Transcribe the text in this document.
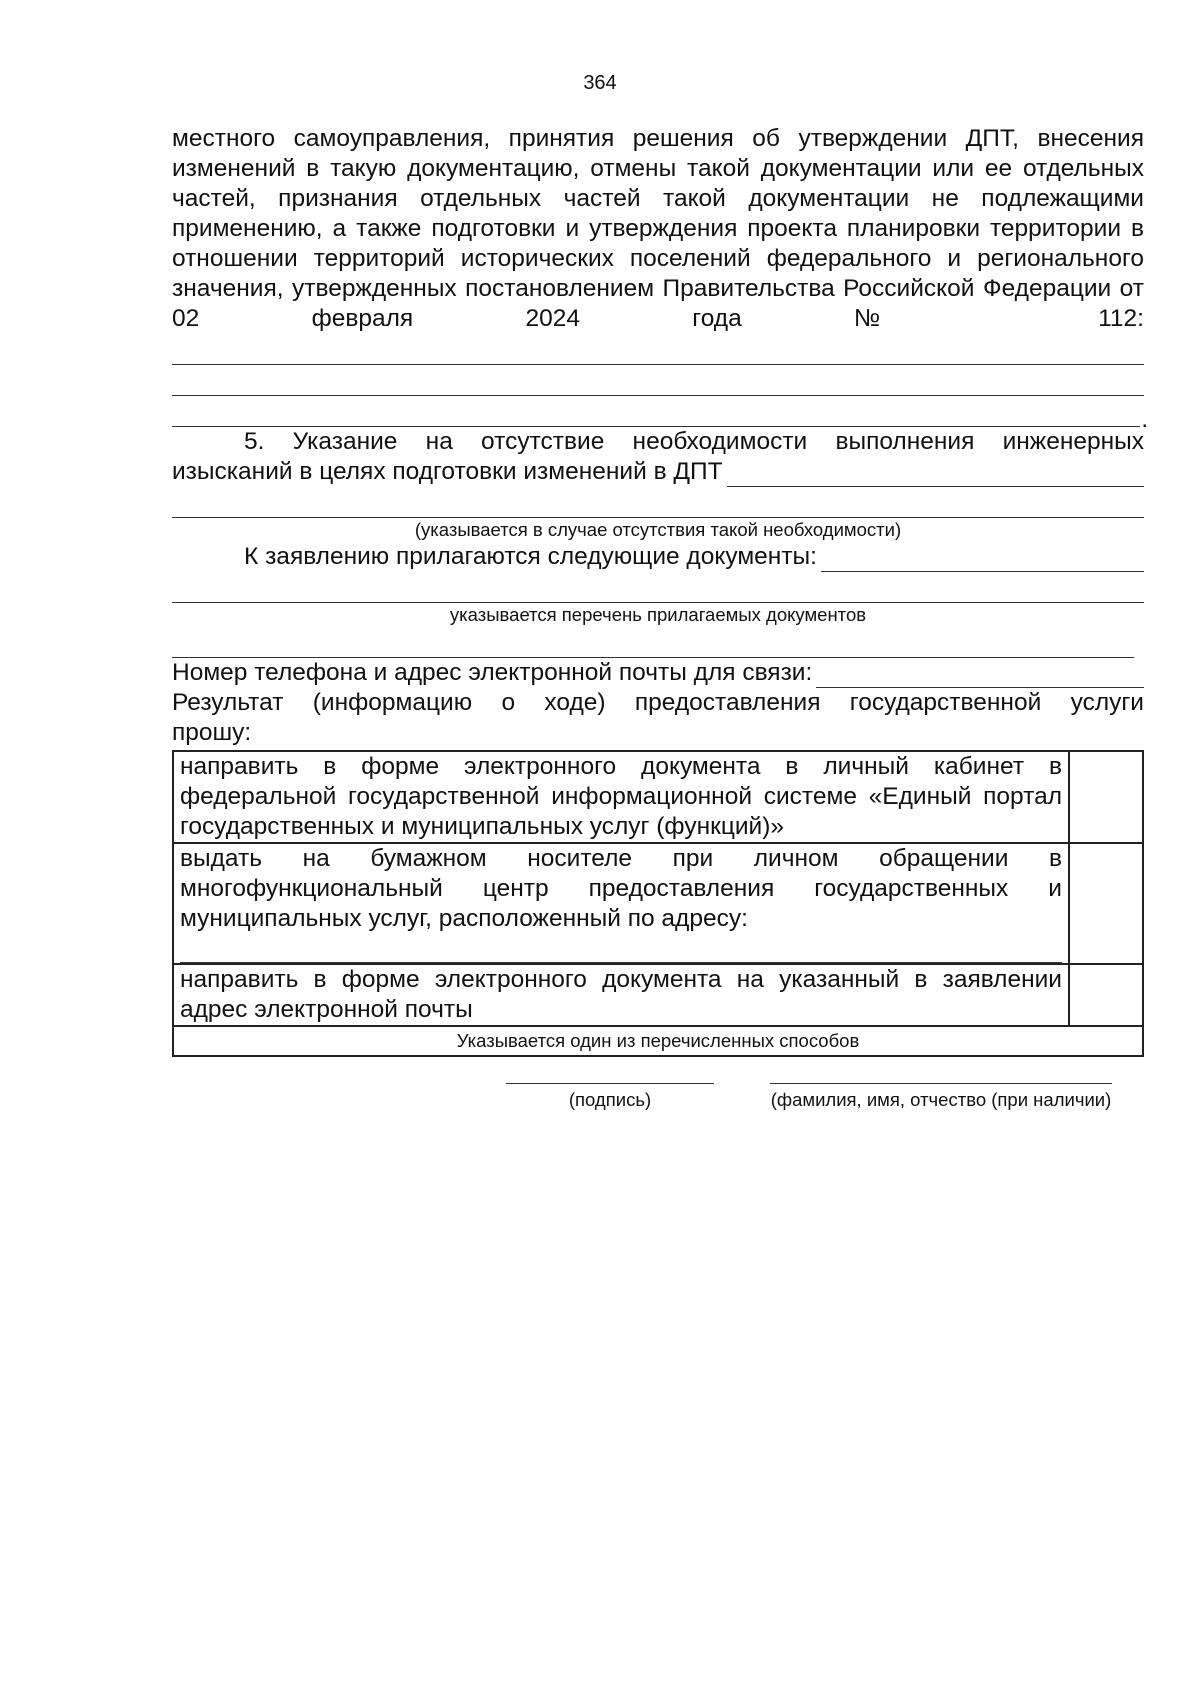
364
местного самоуправления, принятия решения об утверждении ДПТ, внесения изменений в такую документацию, отмены такой документации или ее отдельных частей, признания отдельных частей такой документации не подлежащими применению, а также подготовки и утверждения проекта планировки территории в отношении территорий исторических поселений федерального и регионального значения, утвержденных постановлением Правительства Российской Федерации от 02 февраля 2024 года № 112:
.
5. Указание на отсутствие необходимости выполнения инженерных
изысканий в целях подготовки изменений в ДПТ
(указывается в случае отсутствия такой необходимости)
К заявлению прилагаются следующие документы:
указывается перечень прилагаемых документов
Номер телефона и адрес электронной почты для связи:
Результат (информацию о ходе) предоставления государственной услуги
прошу:
направить в форме электронного документа в личный кабинет в федеральной государственной информационной системе «Единый портал государственных и муниципальных услуг (функций)»	

выдать на бумажном носителе при личном обращении в многофункциональный центр предоставления государственных и муниципальных услуг, расположенный по адресу:	

направить в форме электронного документа на указанный в заявлении адрес электронной почты	

Указывается один из перечисленных способов	
(подпись)	(фамилия, имя, отчество (при наличии)
